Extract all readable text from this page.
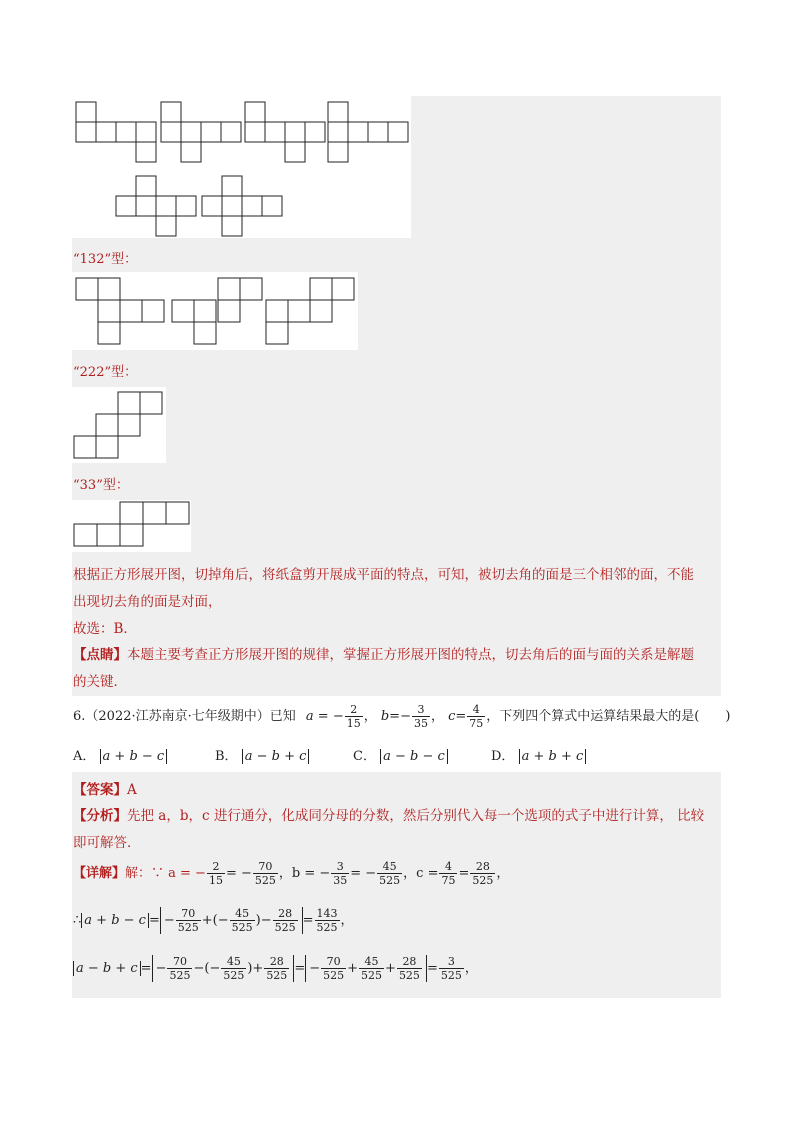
“132”型：
“222”型：
“33”型：
根据正方形展开图，切掉角后，将纸盒剪开展成平面的特点，可知，被切去角的面是三个相邻的面，不能
出现切去角的面是对面，
故选：B．
【点睛】本题主要考查正方形展开图的规律，掌握正方形展开图的特点，切去角后的面与面的关系是解题
的关键．
6.（2022·江苏南京·七年级期中）已知 a = − $\frac{2}{15}$ ， $b=- \frac{3}{35}$ ， $c= \frac{4}{75}$ ，下列四个算式中运算结果最大的是(　　)
A． a + b − c	B． a − b + c	C． a − b − c	D． a + b + c
【答案】A
【分析】先把 a，b，c 进行通分，化成同分母的分数，然后分别代入每一个选项的式子中进行计算， 比较
即可解答．
【详解】解：∵ a = − $\frac{2}{15}$ = − $\frac{70}{525}$ ，b = − $\frac{3}{35}$ = − $\frac{45}{525}$ ，$c = \frac{4}{75} = \frac{28}{525}$ ，
∴ a + b − c = − $\frac{70}{525}$ +(− $\frac{45}{525}$ )− $\frac{28}{525} = \frac{143}{525}$ ，
a − b + c = − $\frac{70}{525}$ −(− $\frac{45}{525}$ )+ $\frac{28}{525}$ = − $\frac{70}{525} + \frac{45}{525} + \frac{28}{525} = \frac{3}{525}$ ，
